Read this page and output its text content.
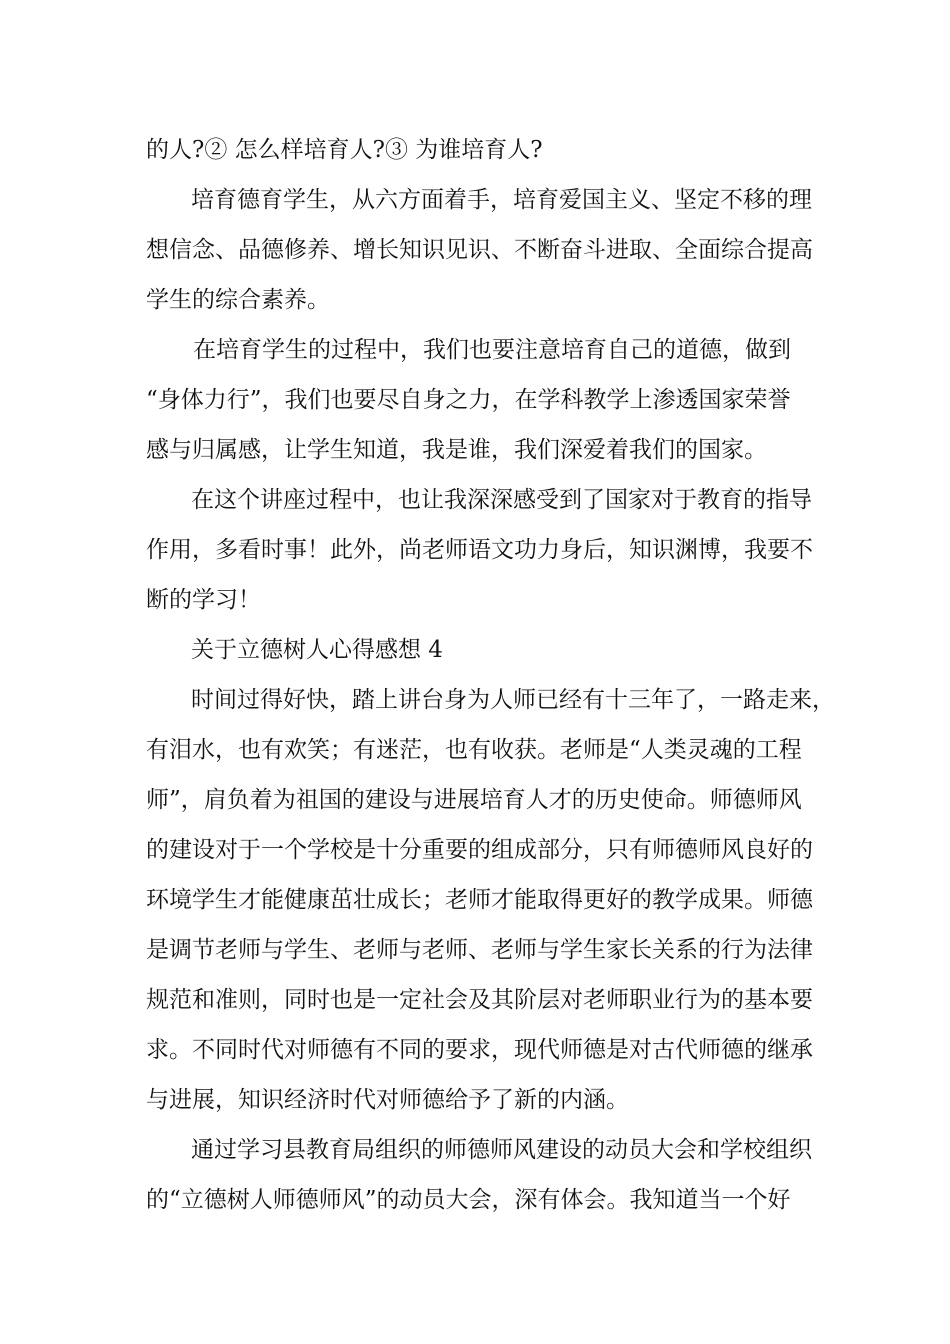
的人?② 怎么样培育人?③ 为谁培育人?
培育德育学生，从六方面着手，培育爱国主义、坚定不移的理
想信念、品德修养、增长知识见识、不断奋斗进取、全面综合提高
学生的综合素养。
在培育学生的过程中，我们也要注意培育自己的道德，做到
“身体力行”，我们也要尽自身之力，在学科教学上渗透国家荣誉
感与归属感，让学生知道，我是谁，我们深爱着我们的国家。
在这个讲座过程中，也让我深深感受到了国家对于教育的指导
作用，多看时事！此外，尚老师语文功力身后，知识渊博，我要不
断的学习！
关于立德树人心得感想 4
时间过得好快，踏上讲台身为人师已经有十三年了，一路走来，
有泪水，也有欢笑；有迷茫，也有收获。老师是“人类灵魂的工程
师”，肩负着为祖国的建设与进展培育人才的历史使命。师德师风
的建设对于一个学校是十分重要的组成部分，只有师德师风良好的
环境学生才能健康茁壮成长；老师才能取得更好的教学成果。师德
是调节老师与学生、老师与老师、老师与学生家长关系的行为法律
规范和准则，同时也是一定社会及其阶层对老师职业行为的基本要
求。不同时代对师德有不同的要求，现代师德是对古代师德的继承
与进展，知识经济时代对师德给予了新的内涵。
通过学习县教育局组织的师德师风建设的动员大会和学校组织
的“立德树人师德师风”的动员大会，深有体会。我知道当一个好
